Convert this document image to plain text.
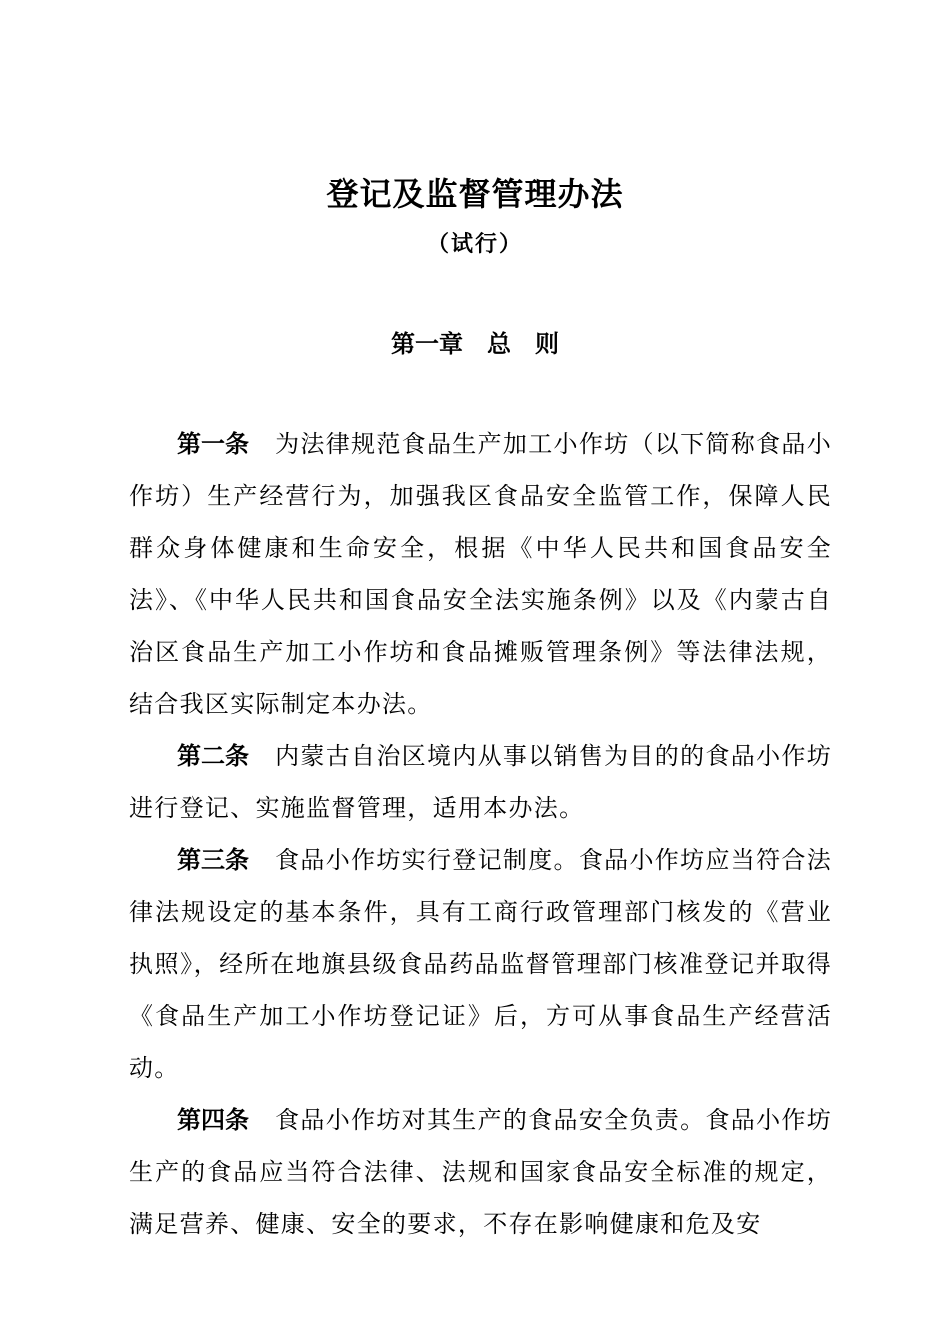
登记及监督管理办法
（试行）
第一章　总　则

第一条 为法律规范食品生产加工小作坊（以下简称食品小作坊）生产经营行为，加强我区食品安全监管工作，保障人民群众身体健康和生命安全，根据《中华人民共和国食品安全法》、《中华人民共和国食品安全法实施条例》以及《内蒙古自治区食品生产加工小作坊和食品摊贩管理条例》等法律法规，结合我区实际制定本办法。

第二条 内蒙古自治区境内从事以销售为目的的食品小作坊进行登记、实施监督管理，适用本办法。

第三条 食品小作坊实行登记制度。食品小作坊应当符合法律法规设定的基本条件，具有工商行政管理部门核发的《营业执照》，经所在地旗县级食品药品监督管理部门核准登记并取得《食品生产加工小作坊登记证》后，方可从事食品生产经营活动。

第四条 食品小作坊对其生产的食品安全负责。食品小作坊生产的食品应当符合法律、法规和国家食品安全标准的规定，满足营养、健康、安全的要求，不存在影响健康和危及安
